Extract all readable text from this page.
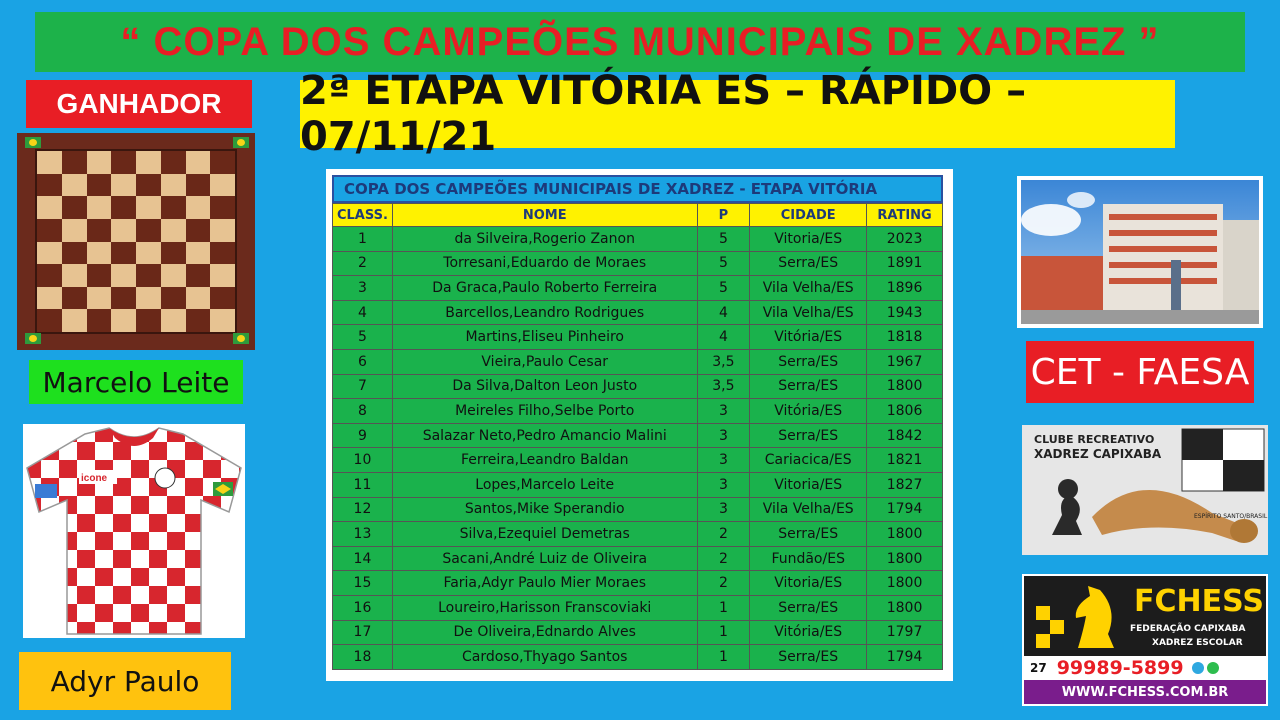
“ COPA DOS CAMPEÕES MUNICIPAIS DE XADREZ ”
2ª ETAPA VITÓRIA ES – RÁPIDO – 07/11/21
GANHADOR
Marcelo Leite
icone
Adyr Paulo
COPA DOS CAMPEÕES MUNICIPAIS DE XADREZ - ETAPA VITÓRIA
CLASS.	NOME	P	CIDADE	RATING
1	da Silveira,Rogerio Zanon	5	Vitoria/ES	2023
2	Torresani,Eduardo de Moraes	5	Serra/ES	1891
3	Da Graca,Paulo Roberto Ferreira	5	Vila Velha/ES	1896
4	Barcellos,Leandro Rodrigues	4	Vila Velha/ES	1943
5	Martins,Eliseu Pinheiro	4	Vitória/ES	1818
6	Vieira,Paulo Cesar	3,5	Serra/ES	1967
7	Da Silva,Dalton Leon Justo	3,5	Serra/ES	1800
8	Meireles Filho,Selbe Porto	3	Vitória/ES	1806
9	Salazar Neto,Pedro Amancio Malini	3	Serra/ES	1842
10	Ferreira,Leandro Baldan	3	Cariacica/ES	1821
11	Lopes,Marcelo Leite	3	Vitoria/ES	1827
12	Santos,Mike Sperandio	3	Vila Velha/ES	1794
13	Silva,Ezequiel Demetras	2	Serra/ES	1800
14	Sacani,André Luiz de Oliveira	2	Fundão/ES	1800
15	Faria,Adyr Paulo Mier Moraes	2	Vitoria/ES	1800
16	Loureiro,Harisson Franscoviaki	1	Serra/ES	1800
17	De Oliveira,Ednardo Alves	1	Vitória/ES	1797
18	Cardoso,Thyago Santos	1	Serra/ES	1794
CET - FAESA
CLUBE RECREATIVO
XADREZ CAPIXABA
ESPÍRITO SANTO/BRASIL
FCHESS
FEDERAÇÃO CAPIXABA
XADREZ ESCOLAR
27 99989-5899
WWW.FCHESS.COM.BR
